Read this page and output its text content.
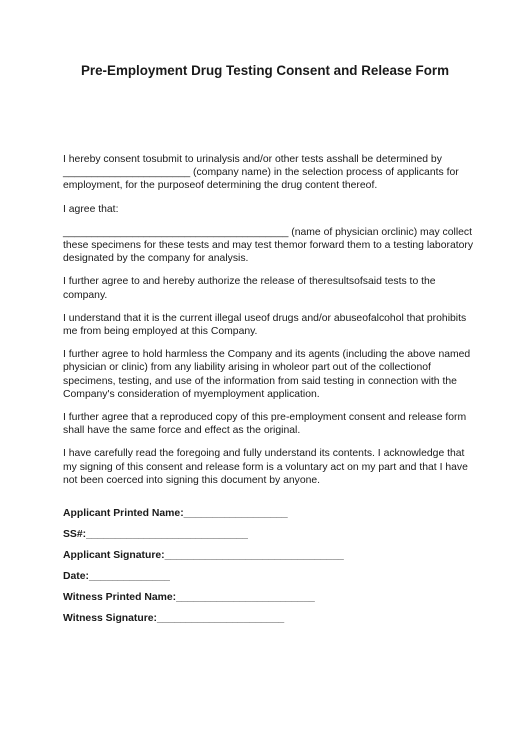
Pre-Employment Drug Testing Consent and Release Form

I hereby consent tosubmit to urinalysis and/or other tests asshall be determined by ______________________ (company name) in the selection process of applicants for employment, for the purposeof determining the drug content thereof.

I agree that:

_______________________________________ (name of physician orclinic) may collect these specimens for these tests and may test themor forward them to a testing laboratory designated by the company for analysis.

I further agree to and hereby authorize the release of theresultsofsaid tests to the company.

I understand that it is the current illegal useof drugs and/or abuseofalcohol that prohibits me from being employed at this Company.

I further agree to hold harmless the Company and its agents (including the above named physician or clinic) from any liability arising in wholeor part out of the collectionof specimens, testing, and use of the information from said testing in connection with the Company's consideration of myemployment application.

I further agree that a reproduced copy of this pre-employment consent and release form shall have the same force and effect as the original.

I have carefully read the foregoing and fully understand its contents. I acknowledge that my signing of this consent and release form is a voluntary act on my part and that I have not been coerced into signing this document by anyone.

Applicant Printed Name:__________________
SS#:____________________________
Applicant Signature:_______________________________
Date:______________
Witness Printed Name:________________________
Witness Signature:______________________
